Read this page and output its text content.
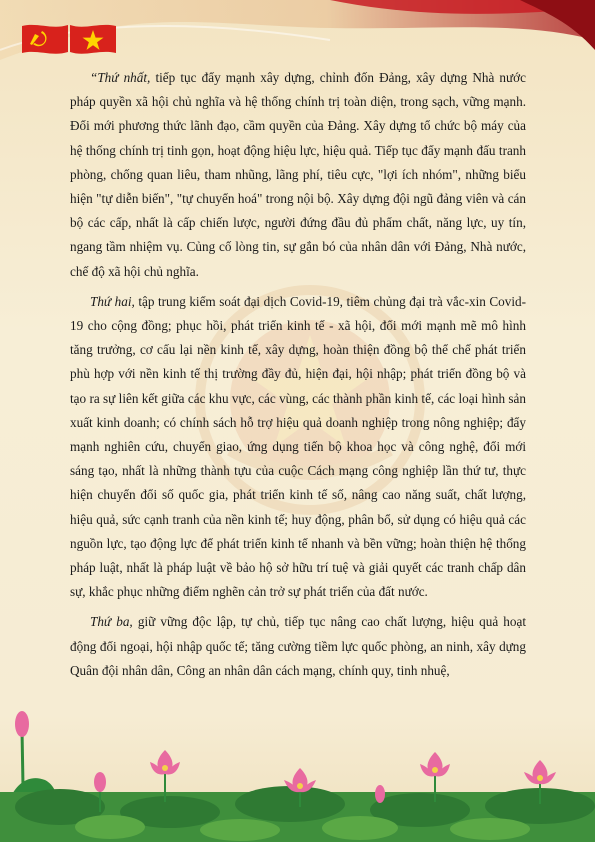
“Thứ nhất, tiếp tục đẩy mạnh xây dựng, chỉnh đốn Đảng, xây dựng Nhà nước pháp quyền xã hội chủ nghĩa và hệ thống chính trị toàn diện, trong sạch, vững mạnh. Đổi mới phương thức lãnh đạo, cầm quyền của Đảng. Xây dựng tổ chức bộ máy của hệ thống chính trị tinh gọn, hoạt động hiệu lực, hiệu quả. Tiếp tục đẩy mạnh đấu tranh phòng, chống quan liêu, tham nhũng, lãng phí, tiêu cực, "lợi ích nhóm", những biểu hiện "tự diễn biến", "tự chuyển hoá" trong nội bộ. Xây dựng đội ngũ đảng viên và cán bộ các cấp, nhất là cấp chiến lược, người đứng đầu đủ phẩm chất, năng lực, uy tín, ngang tầm nhiệm vụ. Củng cố lòng tin, sự gắn bó của nhân dân với Đảng, Nhà nước, chế độ xã hội chủ nghĩa.

Thứ hai, tập trung kiểm soát đại dịch Covid-19, tiêm chủng đại trà vắc-xin Covid-19 cho cộng đồng; phục hồi, phát triển kinh tế - xã hội, đổi mới mạnh mẽ mô hình tăng trưởng, cơ cấu lại nền kinh tế, xây dựng, hoàn thiện đồng bộ thể chế phát triển phù hợp với nền kinh tế thị trường đầy đủ, hiện đại, hội nhập; phát triển đồng bộ và tạo ra sự liên kết giữa các khu vực, các vùng, các thành phần kinh tế, các loại hình sản xuất kinh doanh; có chính sách hỗ trợ hiệu quả doanh nghiệp trong nông nghiệp; đẩy mạnh nghiên cứu, chuyển giao, ứng dụng tiến bộ khoa học và công nghệ, đổi mới sáng tạo, nhất là những thành tựu của cuộc Cách mạng công nghiệp lần thứ tư, thực hiện chuyển đổi số quốc gia, phát triển kinh tế số, nâng cao năng suất, chất lượng, hiệu quả, sức cạnh tranh của nền kinh tế; huy động, phân bổ, sử dụng có hiệu quả các nguồn lực, tạo động lực để phát triển kinh tế nhanh và bền vững; hoàn thiện hệ thống pháp luật, nhất là pháp luật về bảo hộ sở hữu trí tuệ và giải quyết các tranh chấp dân sự, khắc phục những điểm nghẽn cản trở sự phát triển của đất nước.

Thứ ba, giữ vững độc lập, tự chủ, tiếp tục nâng cao chất lượng, hiệu quả hoạt động đối ngoại, hội nhập quốc tế; tăng cường tiềm lực quốc phòng, an ninh, xây dựng Quân đội nhân dân, Công an nhân dân cách mạng, chính quy, tinh nhuệ,
